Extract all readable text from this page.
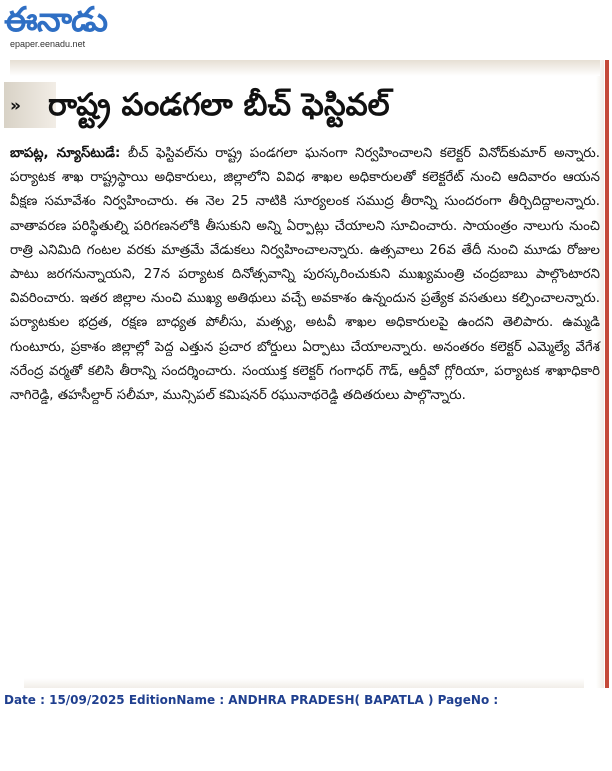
ఈనాడు
epaper.eenadu.net
» రాష్ట్ర పండగలా బీచ్ ఫెస్టివల్

బాపట్ల, న్యూస్‌టుడే: బీచ్ ఫెస్టివల్‌ను రాష్ట్ర పండగలా ఘనంగా నిర్వహించాలని కలెక్టర్ వినోద్‌కుమార్ అన్నారు. పర్యాటక శాఖ రాష్ట్రస్థాయి అధికారులు, జిల్లాలోని వివిధ శాఖల అధికారులతో కలెక్టరేట్ నుంచి ఆదివారం ఆయన వీక్షణ సమావేశం నిర్వహించారు. ఈ నెల 25 నాటికి సూర్యలంక సముద్ర తీరాన్ని సుందరంగా తీర్చిదిద్దాలన్నారు. వాతావరణ పరిస్థితుల్ని పరిగణనలోకి తీసుకుని అన్ని ఏర్పాట్లు చేయాలని సూచించారు. సాయంత్రం నాలుగు నుంచి రాత్రి ఎనిమిది గంటల వరకు మాత్రమే వేడుకలు నిర్వహించాలన్నారు. ఉత్సవాలు 26వ తేదీ నుంచి మూడు రోజుల పాటు జరగనున్నాయని, 27న పర్యాటక దినోత్సవాన్ని పురస్కరించుకుని ముఖ్యమంత్రి చంద్రబాబు పాల్గొంటారని వివరించారు. ఇతర జిల్లాల నుంచి ముఖ్య అతిథులు వచ్చే అవకాశం ఉన్నందున ప్రత్యేక వసతులు కల్పించాలన్నారు. పర్యాటకుల భద్రత, రక్షణ బాధ్యత పోలీసు, మత్స్య, అటవీ శాఖల అధికారులపై ఉందని తెలిపారు. ఉమ్మడి గుంటూరు, ప్రకాశం జిల్లాల్లో పెద్ద ఎత్తున ప్రచార బోర్డులు ఏర్పాటు చేయాలన్నారు. అనంతరం కలెక్టర్ ఎమ్మెల్యే వేగేశ నరేంద్ర వర్మతో కలిసి తీరాన్ని సందర్శించారు. సంయుక్త కలెక్టర్ గంగాధర్ గౌడ్, ఆర్డీవో గ్లోరియా, పర్యాటక శాఖాధికారి నాగిరెడ్డి, తహసీల్దార్ సలీమా, మున్సిపల్ కమిషనర్ రఘునాథరెడ్డి తదితరులు పాల్గొన్నారు.

Date : 15/09/2025 EditionName : ANDHRA PRADESH( BAPATLA ) PageNo :
